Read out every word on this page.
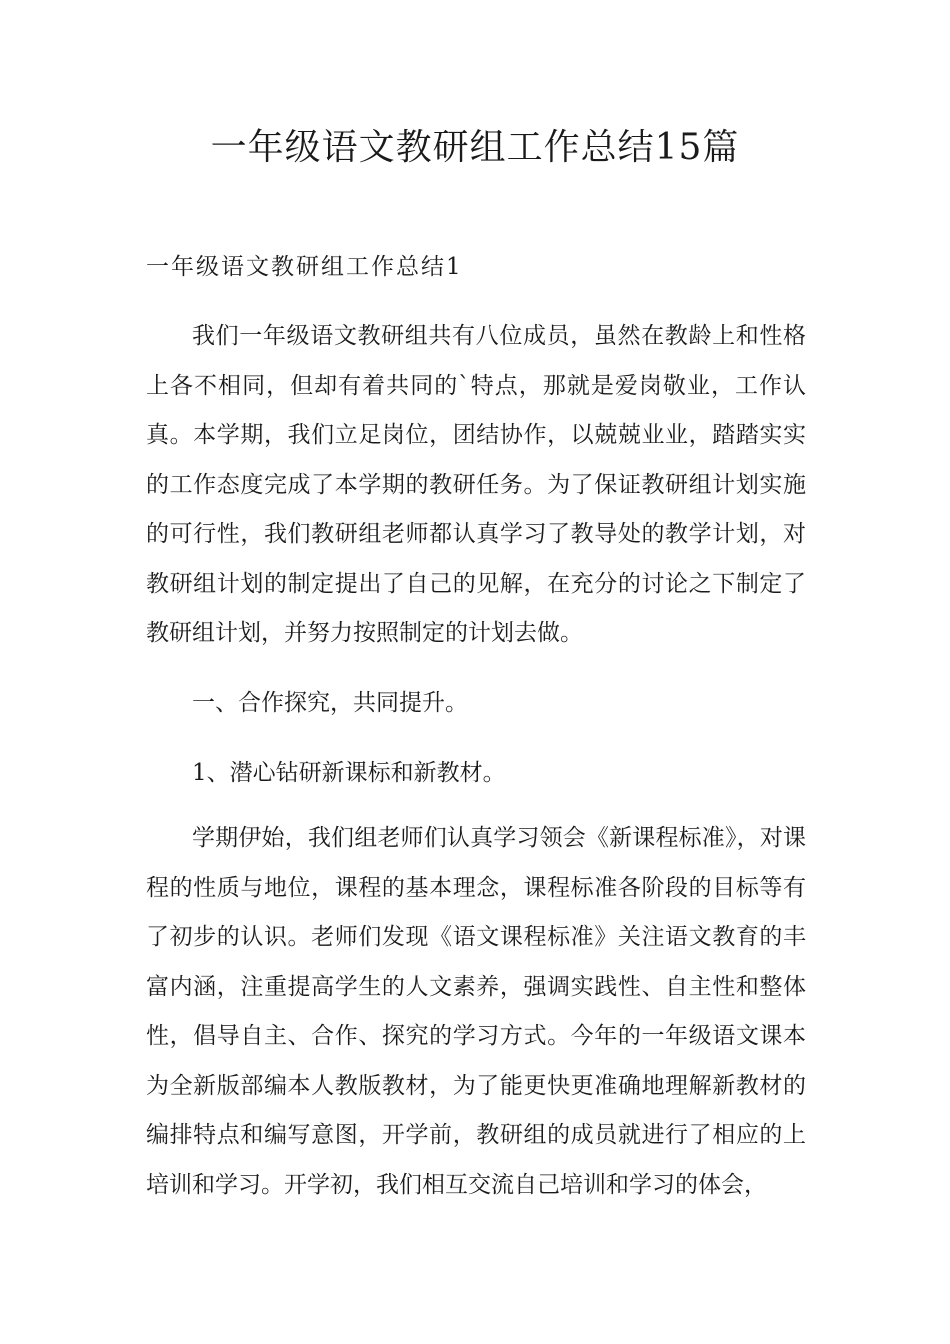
一年级语文教研组工作总结15篇
一年级语文教研组工作总结1

我们一年级语文教研组共有八位成员，虽然在教龄上和性格上各不相同，但却有着共同的`特点，那就是爱岗敬业，工作认真。本学期，我们立足岗位，团结协作，以兢兢业业，踏踏实实的工作态度完成了本学期的教研任务。为了保证教研组计划实施的可行性，我们教研组老师都认真学习了教导处的教学计划，对教研组计划的制定提出了自己的见解，在充分的讨论之下制定了教研组计划，并努力按照制定的计划去做。

一、合作探究，共同提升。

1、潜心钻研新课标和新教材。

学期伊始，我们组老师们认真学习领会《新课程标准》，对课程的性质与地位，课程的基本理念，课程标准各阶段的目标等有了初步的认识。老师们发现《语文课程标准》关注语文教育的丰富内涵，注重提高学生的人文素养，强调实践性、自主性和整体性，倡导自主、合作、探究的学习方式。今年的一年级语文课本为全新版部编本人教版教材，为了能更快更准确地理解新教材的编排特点和编写意图，开学前，教研组的成员就进行了相应的上培训和学习。开学初，我们相互交流自己培训和学习的体会，
